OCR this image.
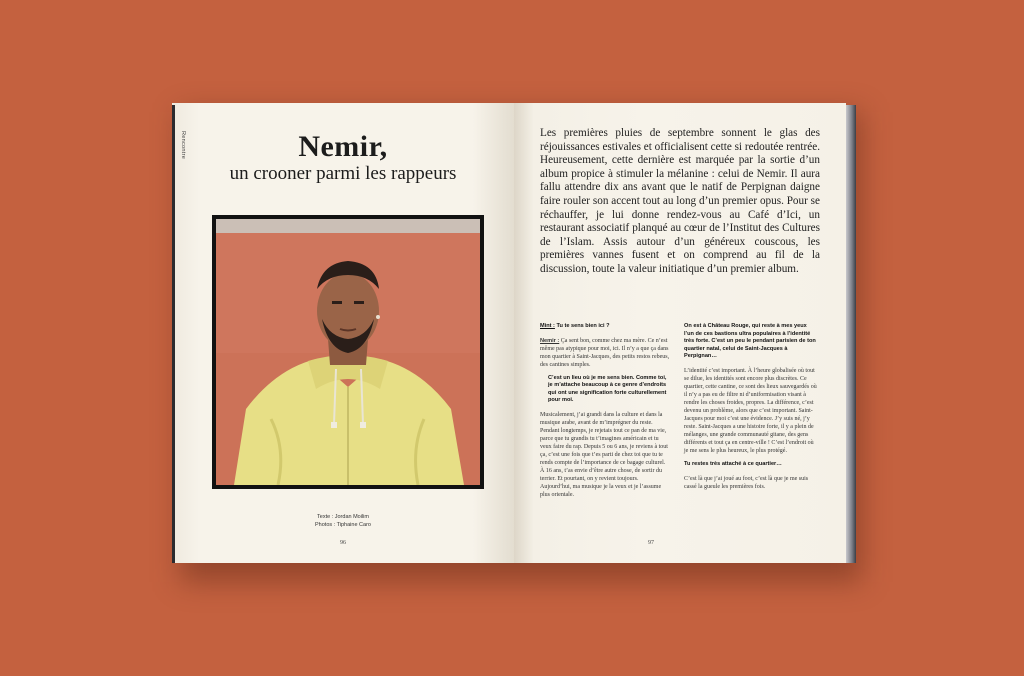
Rencontre	Nemir,
un crooner parmi les rappeurs
Texte : Jordan Moilim
Photos : Tiphaine Caro
96
Les premières pluies de septembre sonnent le glas des réjouissances estivales et officialisent cette si redoutée rentrée. Heureusement, cette dernière est marquée par la sortie d’un album propice à stimuler la mélanine : celui de Nemir. Il aura fallu attendre dix ans avant que le natif de Perpignan daigne faire rouler son accent tout au long d’un premier opus. Pour se réchauffer, je lui donne rendez-vous au Café d’Ici, un restaurant associatif planqué au cœur de l’Institut des Cultures de l’Islam. Assis autour d’un généreux couscous, les premières vannes fusent et on comprend au fil de la discussion, toute la valeur initiatique d’un premier album.

Mint : Tu te sens bien ici ?

Nemir : Ça sent bon, comme chez ma mère. Ce n’est même pas atypique pour moi, ici. Il n’y a que ça dans mon quartier à Saint-Jacques, des petits restos rebeus, des cantines simples.

C’est un lieu où je me sens bien. Comme toi, je m’attache beaucoup à ce genre d’endroits qui ont une signification forte culturellement pour moi.

Musicalement, j’ai grandi dans la culture et dans la musique arabe, avant de m’imprégner du reste. Pendant longtemps, je rejetais tout ce pan de ma vie, parce que tu grandis tu t’imagines américain et tu veux faire du rap. Depuis 5 ou 6 ans, je reviens à tout ça, c’est une fois que t’es parti de chez toi que tu te rends compte de l’importance de ce bagage culturel. À 16 ans, t’as envie d’être autre chose, de sortir du terrier. Et pourtant, on y revient toujours. Aujourd’hui, ma musique je la veux et je l’assume plus orientale.

On est à Château Rouge, qui reste à mes yeux l’un de ces bastions ultra populaires à l’identité très forte. C’est un peu le pendant parisien de ton quartier natal, celui de Saint-Jacques à Perpignan…

L’identité c’est important. À l’heure globalisée où tout se dilue, les identités sont encore plus discrètes. Ce quartier, cette cantine, ce sont des lieux sauvegardés où il n’y a pas eu de filtre ni d’uniformisation visant à rendre les choses froides, propres. La différence, c’est devenu un problème, alors que c’est important. Saint-Jacques pour moi c’est une évidence. J’y suis né, j’y reste. Saint-Jacques a une histoire forte, il y a plein de mélanges, une grande communauté gitane, des gens différents et tout ça en centre-ville ! C’est l’endroit où je me sens le plus heureux, le plus protégé.

Tu restes très attaché à ce quartier…

C’est là que j’ai joué au foot, c’est là que je me suis cassé la gueule les premières fois.

97
